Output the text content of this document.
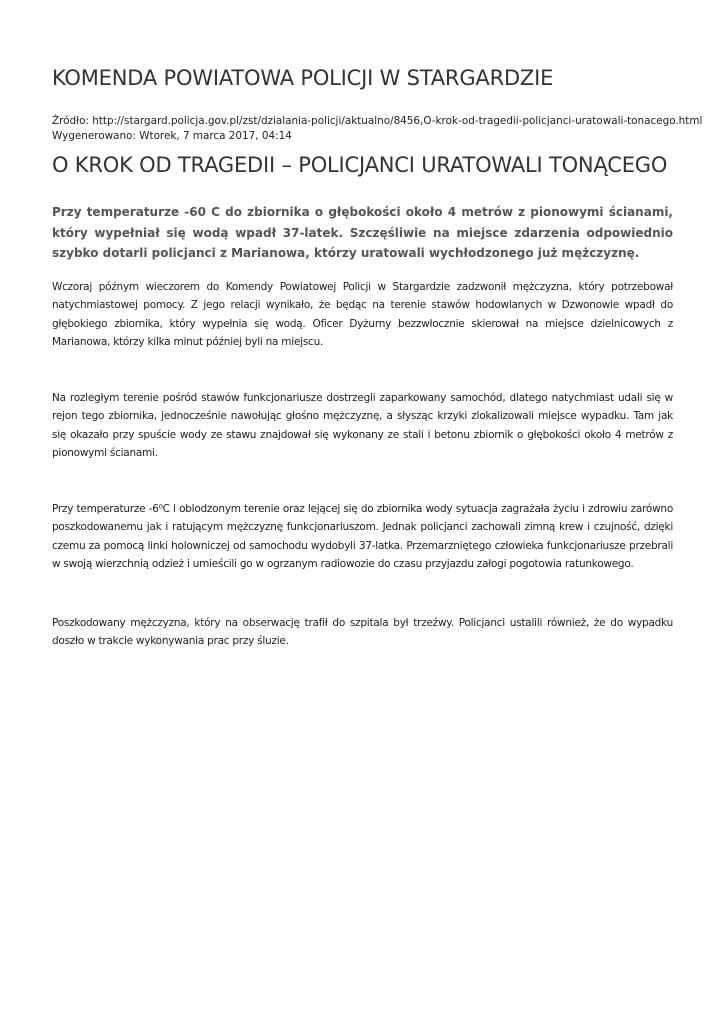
KOMENDA POWIATOWA POLICJI W STARGARDZIE
Źródło: http://stargard.policja.gov.pl/zst/dzialania-policji/aktualno/8456,O-krok-od-tragedii-policjanci-uratowali-tonacego.html
Wygenerowano: Wtorek, 7 marca 2017, 04:14
O KROK OD TRAGEDII – POLICJANCI URATOWALI TONĄCEGO

Przy temperaturze -60 C do zbiornika o głębokości około 4 metrów z pionowymi ścianami, który wypełniał się wodą wpadł 37-latek. Szczęśliwie na miejsce zdarzenia odpowiednio szybko dotarli policjanci z Marianowa, którzy uratowali wychłodzonego już mężczyznę.

Wczoraj późnym wieczorem do Komendy Powiatowej Policji w Stargardzie zadzwonił mężczyzna, który potrzebował natychmiastowej pomocy. Z jego relacji wynikało, że będąc na terenie stawów hodowlanych w Dzwonowie wpadł do głębokiego zbiornika, który wypełnia się wodą. Oficer Dyżurny bezzwłocznie skierował na miejsce dzielnicowych z Marianowa, którzy kilka minut później byli na miejscu.

Na rozległym terenie pośród stawów funkcjonariusze dostrzegli zaparkowany samochód, dlatego natychmiast udali się w rejon tego zbiornika, jednocześnie nawołując głośno mężczyznę, a słysząc krzyki zlokalizowali miejsce wypadku. Tam jak się okazało przy spuście wody ze stawu znajdował się wykonany ze stali i betonu zbiornik o głębokości około 4 metrów z pionowymi ścianami.

Przy temperaturze -6⁰C i oblodzonym terenie oraz lejącej się do zbiornika wody sytuacja zagrażała życiu i zdrowiu zarówno poszkodowanemu jak i ratującym mężczyznę funkcjonariuszom. Jednak policjanci zachowali zimną krew i czujność, dzięki czemu za pomocą linki holowniczej od samochodu wydobyli 37-latka. Przemarzniętego człowieka funkcjonariusze przebrali w swoją wierzchnią odzież i umieścili go w ogrzanym radiowozie do czasu przyjazdu załogi pogotowia ratunkowego.

Poszkodowany mężczyzna, który na obserwację trafił do szpitala był trzeźwy. Policjanci ustalili również, że do wypadku doszło w trakcie wykonywania prac przy śluzie.
